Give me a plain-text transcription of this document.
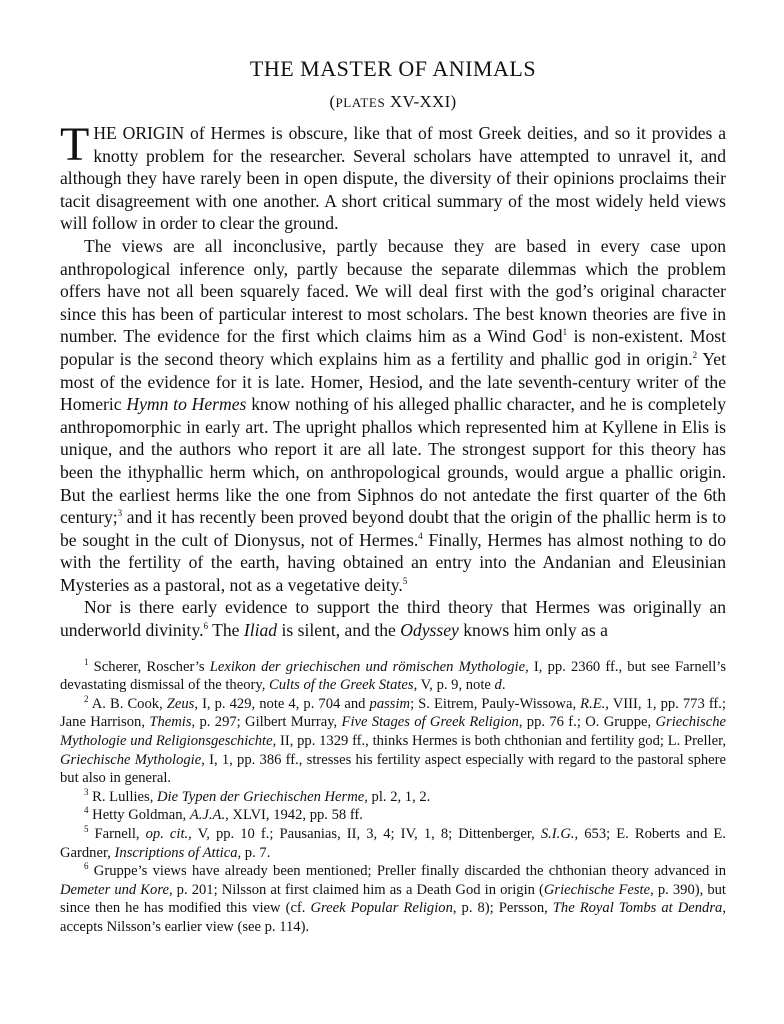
THE MASTER OF ANIMALS
(PLATES XV-XXI)

THE ORIGIN of Hermes is obscure, like that of most Greek deities, and so it provides a knotty problem for the researcher. Several scholars have attempted to unravel it, and although they have rarely been in open dispute, the diversity of their opinions proclaims their tacit disagreement with one another. A short critical summary of the most widely held views will follow in order to clear the ground.

The views are all inconclusive, partly because they are based in every case upon anthropological inference only, partly because the separate dilemmas which the problem offers have not all been squarely faced. We will deal first with the god’s original character since this has been of particular interest to most scholars. The best known theories are five in number. The evidence for the first which claims him as a Wind God$^1$ is non-existent. Most popular is the second theory which explains him as a fertility and phallic god in origin.$^2$ Yet most of the evidence for it is late. Homer, Hesiod, and the late seventh-century writer of the Homeric Hymn to Hermes know nothing of his alleged phallic character, and he is completely anthropomorphic in early art. The upright phallos which represented him at Kyllene in Elis is unique, and the authors who report it are all late. The strongest support for this theory has been the ithyphallic herm which, on anthropological grounds, would argue a phallic origin. But the earliest herms like the one from Siphnos do not antedate the first quarter of the 6th century;$^3$ and it has recently been proved beyond doubt that the origin of the phallic herm is to be sought in the cult of Dionysus, not of Hermes.$^4$ Finally, Hermes has almost nothing to do with the fertility of the earth, having obtained an entry into the Andanian and Eleusinian Mysteries as a pastoral, not as a vegetative deity.$^5$

Nor is there early evidence to support the third theory that Hermes was originally an underworld divinity.$^6$ The Iliad is silent, and the Odyssey knows him only as a

$^1$ Scherer, Roscher’s Lexikon der griechischen und römischen Mythologie, I, pp. 2360 ff., but see Farnell’s devastating dismissal of the theory, Cults of the Greek States, V, p. 9, note d.

$^2$ A. B. Cook, Zeus, I, p. 429, note 4, p. 704 and passim; S. Eitrem, Pauly-Wissowa, R.E., VIII, 1, pp. 773 ff.; Jane Harrison, Themis, p. 297; Gilbert Murray, Five Stages of Greek Religion, pp. 76 f.; O. Gruppe, Griechische Mythologie und Religionsgeschichte, II, pp. 1329 ff., thinks Hermes is both chthonian and fertility god; L. Preller, Griechische Mythologie, I, 1, pp. 386 ff., stresses his fertility aspect especially with regard to the pastoral sphere but also in general.

$^3$ R. Lullies, Die Typen der Griechischen Herme, pl. 2, 1, 2.

$^4$ Hetty Goldman, A.J.A., XLVI, 1942, pp. 58 ff.

$^5$ Farnell, op. cit., V, pp. 10 f.; Pausanias, II, 3, 4; IV, 1, 8; Dittenberger, S.I.G., 653; E. Roberts and E. Gardner, Inscriptions of Attica, p. 7.

$^6$ Gruppe’s views have already been mentioned; Preller finally discarded the chthonian theory advanced in Demeter und Kore, p. 201; Nilsson at first claimed him as a Death God in origin (Griechische Feste, p. 390), but since then he has modified this view (cf. Greek Popular Religion, p. 8); Persson, The Royal Tombs at Dendra, accepts Nilsson’s earlier view (see p. 114).
